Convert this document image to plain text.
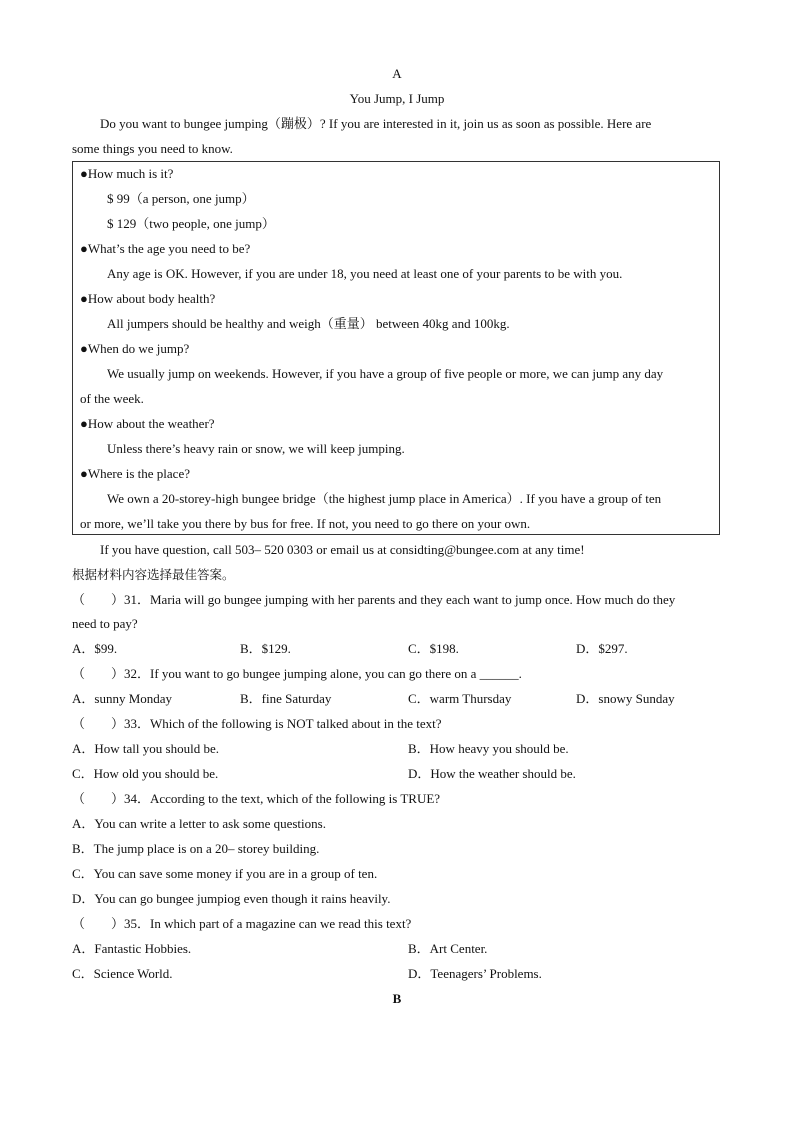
A
You Jump, I Jump
Do you want to bungee jumping（蹦极）? If you are interested in it, join us as soon as possible. Here are
some things you need to know.
●How much is it?
$ 99（a person, one jump）
$ 129（two people, one jump）
●What’s the age you need to be?
Any age is OK. However, if you are under 18, you need at least one of your parents to be with you.
●How about body health?
All jumpers should be healthy and weigh（重量） between 40kg and 100kg.
●When do we jump?
We usually jump on weekends. However, if you have a group of five people or more, we can jump any day
of the week.
●How about the weather?
Unless there’s heavy rain or snow, we will keep jumping.
●Where is the place?
We own a 20-storey-high bungee bridge（the highest jump place in America）. If you have a group of ten
or more, we’ll take you there by bus for free. If not, you need to go there on your own.
If you have question, call 503– 520 0303 or email us at considting@bungee.com at any time!
根据材料内容选择最佳答案。
（　　）31．Maria will go bungee jumping with her parents and they each want to jump once. How much do they
need to pay?
A．$99.	B．$129.	C．$198.	D．$297.
（　　）32．If you want to go bungee jumping alone, you can go there on a ______.
A．sunny Monday	B．fine Saturday	C．warm Thursday	D．snowy Sunday
（　　）33．Which of the following is NOT talked about in the text?
A．How tall you should be.	B．How heavy you should be.
C．How old you should be.	D．How the weather should be.
（　　）34．According to the text, which of the following is TRUE?
A．You can write a letter to ask some questions.
B．The jump place is on a 20– storey building.
C．You can save some money if you are in a group of ten.
D．You can go bungee jumpiog even though it rains heavily.
（　　）35．In which part of a magazine can we read this text?
A．Fantastic Hobbies.	B．Art Center.
C．Science World.	D．Teenagers’ Problems.
B
